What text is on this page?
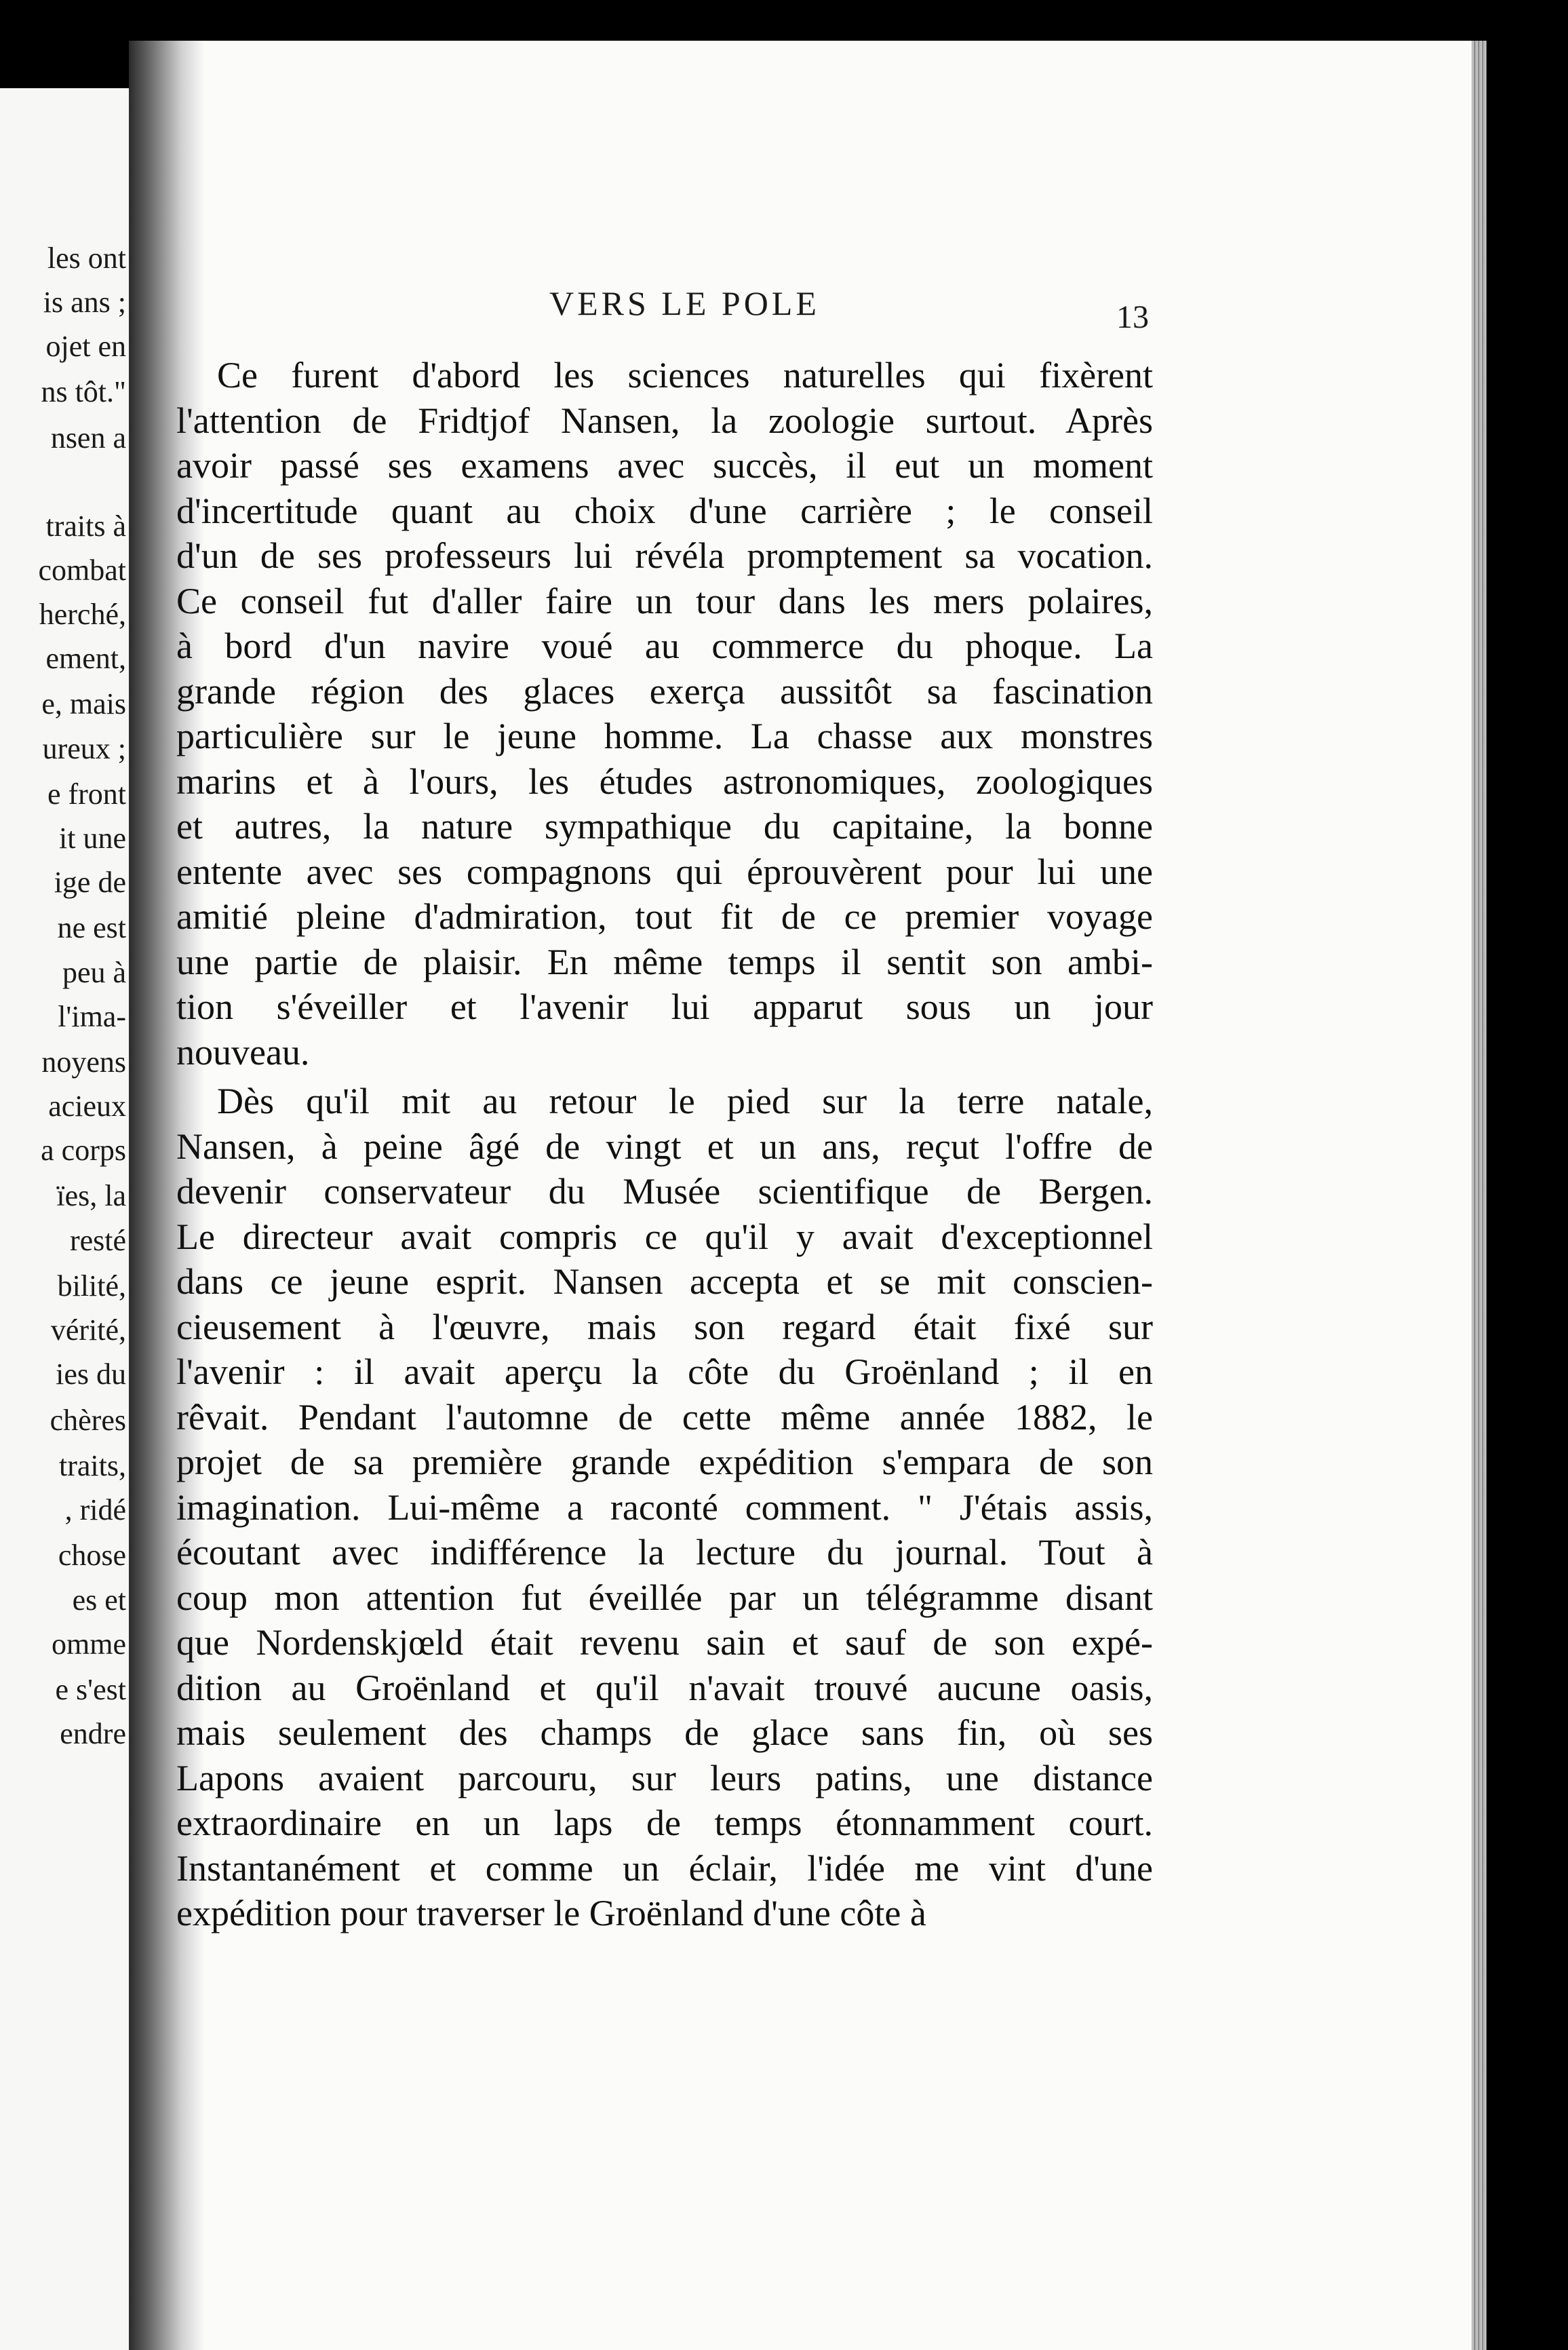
les ont
is ans ;
ojet en
ns tôt."
nsen a
traits à
combat
herché,
ement,
e, mais
ureux ;
e front
it une
ige de
ne est
peu à
l'ima-
noyens
acieux
a corps
ïes, la
resté
bilité,
vérité,
ies du
chères
traits,
, ridé
chose
es et
omme
e s'est
endre
VERS LE POLE	13
Ce furent d'abord les sciences naturelles qui fixèrent
l'attention de Fridtjof Nansen, la zoologie surtout. Après
avoir passé ses examens avec succès, il eut un moment
d'incertitude quant au choix d'une carrière ; le conseil
d'un de ses professeurs lui révéla promptement sa vocation.
Ce conseil fut d'aller faire un tour dans les mers polaires,
à bord d'un navire voué au commerce du phoque. La
grande région des glaces exerça aussitôt sa fascination
particulière sur le jeune homme. La chasse aux monstres
marins et à l'ours, les études astronomiques, zoologiques
et autres, la nature sympathique du capitaine, la bonne
entente avec ses compagnons qui éprouvèrent pour lui une
amitié pleine d'admiration, tout fit de ce premier voyage
une partie de plaisir. En même temps il sentit son ambi-
tion s'éveiller et l'avenir lui apparut sous un jour
nouveau.
Dès qu'il mit au retour le pied sur la terre natale,
Nansen, à peine âgé de vingt et un ans, reçut l'offre de
devenir conservateur du Musée scientifique de Bergen.
Le directeur avait compris ce qu'il y avait d'exceptionnel
dans ce jeune esprit. Nansen accepta et se mit conscien-
cieusement à l'œuvre, mais son regard était fixé sur
l'avenir : il avait aperçu la côte du Groënland ; il en
rêvait. Pendant l'automne de cette même année 1882, le
projet de sa première grande expédition s'empara de son
imagination. Lui-même a raconté comment. " J'étais assis,
écoutant avec indifférence la lecture du journal. Tout à
coup mon attention fut éveillée par un télégramme disant
que Nordenskjœld était revenu sain et sauf de son expé-
dition au Groënland et qu'il n'avait trouvé aucune oasis,
mais seulement des champs de glace sans fin, où ses
Lapons avaient parcouru, sur leurs patins, une distance
extraordinaire en un laps de temps étonnamment court.
Instantanément et comme un éclair, l'idée me vint d'une
expédition pour traverser le Groënland d'une côte à
